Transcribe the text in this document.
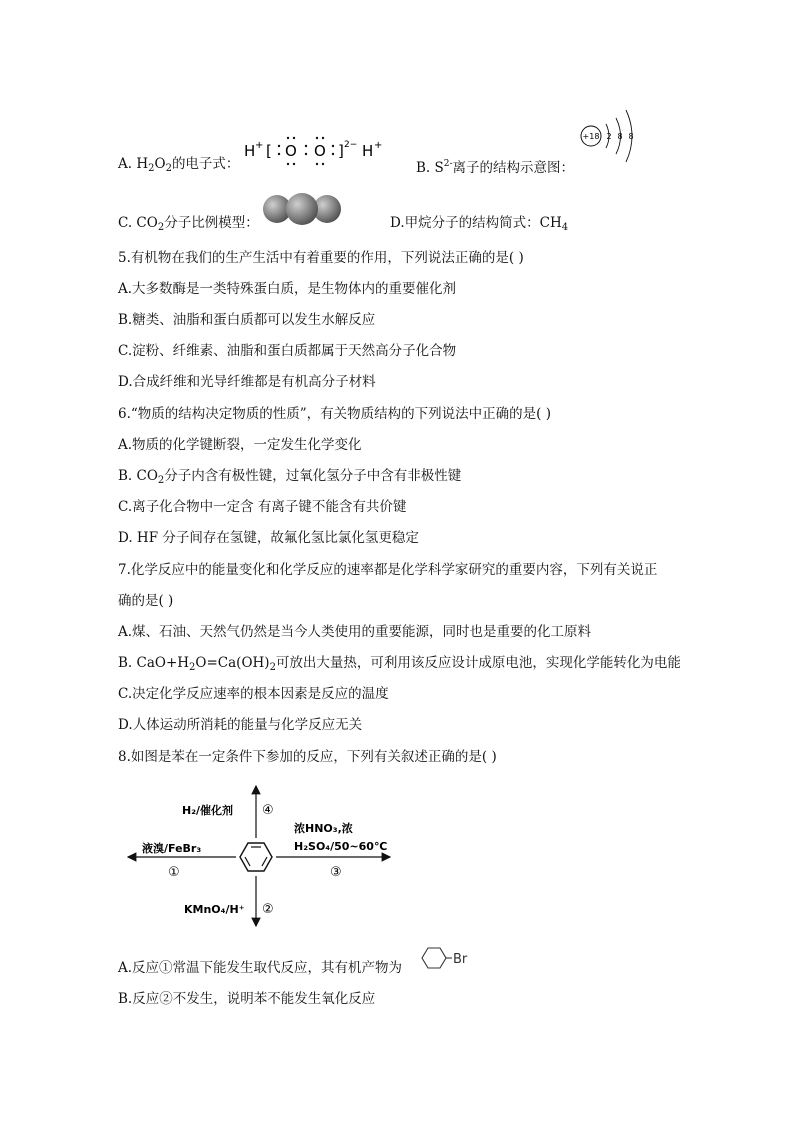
A. $H_2O_2$的电子式：
H + [ O O ] 2− H +
B. $S^{2-}$离子的结构示意图：
+18 2 8 8
C. $CO_2$分子比例模型：	D.甲烷分子的结构简式：$CH_4$
5.有机物在我们的生产生活中有着重要的作用，下列说法正确的是( )
A.大多数酶是一类特殊蛋白质，是生物体内的重要催化剂
B.糖类、油脂和蛋白质都可以发生水解反应
C.淀粉、纤维素、油脂和蛋白质都属于天然高分子化合物
D.合成纤维和光导纤维都是有机高分子材料
6.“物质的结构决定物质的性质”，有关物质结构的下列说法中正确的是( )
A.物质的化学键断裂，一定发生化学变化
B. $CO_2$分子内含有极性键，过氧化氢分子中含有非极性键
C.离子化合物中一定含 有离子键不能含有共价键
D. HF 分子间存在氢键，故氟化氢比氯化氢更稳定
7.化学反应中的能量变化和化学反应的速率都是化学科学家研究的重要内容，下列有关说正
确的是( )
A.煤、石油、天然气仍然是当今人类使用的重要能源，同时也是重要的化工原料
B. $CaO+H_2O=Ca(OH)_2$可放出大量热，可利用该反应设计成原电池，实现化学能转化为电能
C.决定化学反应速率的根本因素是反应的温度
D.人体运动所消耗的能量与化学反应无关
8.如图是苯在一定条件下参加的反应，下列有关叙述正确的是( )
H₂/催化剂 ④
液溴/FeBr₃
①
浓HNO₃,浓
H₂SO₄/50~60℃
③
KMnO₄/H⁺ ②
A.反应①常温下能发生取代反应，其有机产物为
Br
B.反应②不发生，说明苯不能发生氧化反应
